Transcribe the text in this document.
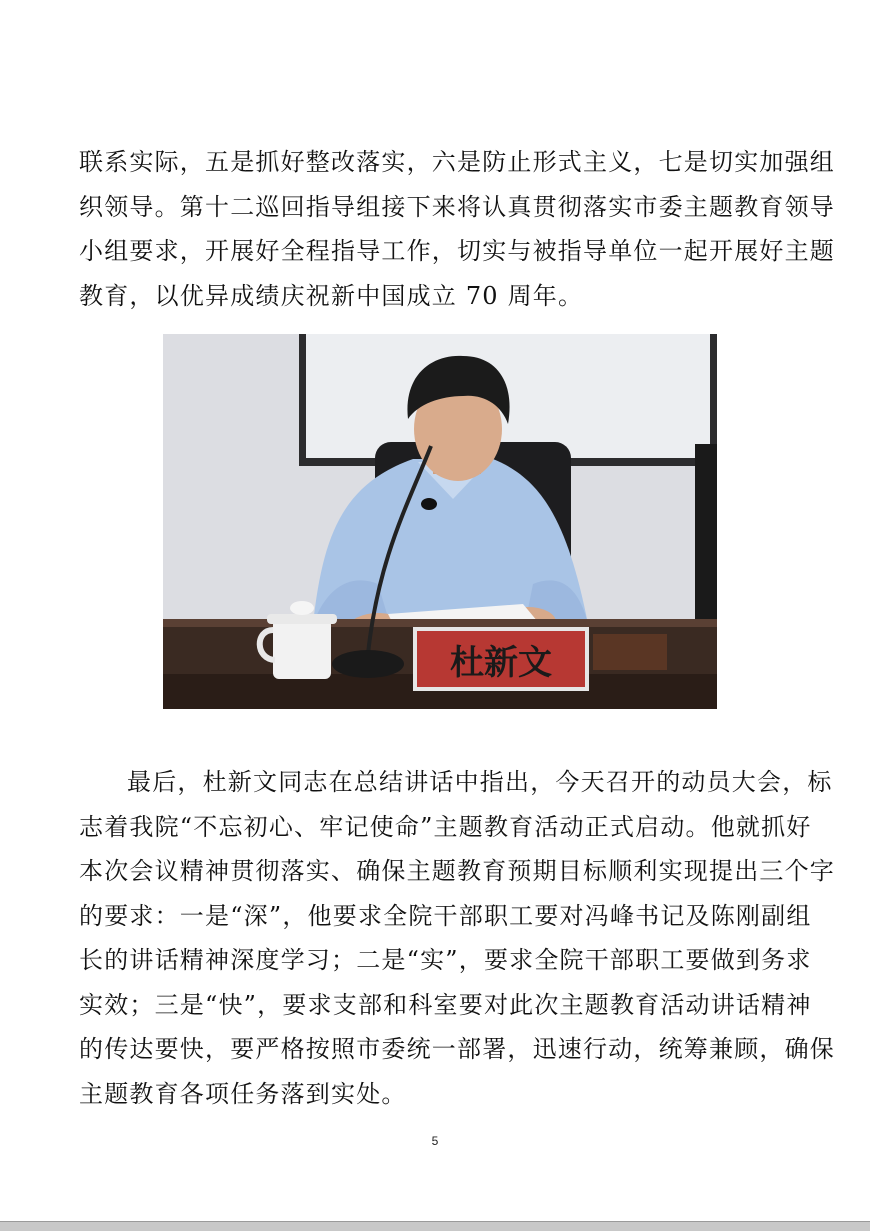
联系实际，五是抓好整改落实，六是防止形式主义，七是切实加强组
织领导。第十二巡回指导组接下来将认真贯彻落实市委主题教育领导
小组要求，开展好全程指导工作，切实与被指导单位一起开展好主题
教育，以优异成绩庆祝新中国成立 70 周年。
杜新文
最后，杜新文同志在总结讲话中指出，今天召开的动员大会，标
志着我院“不忘初心、牢记使命”主题教育活动正式启动。他就抓好
本次会议精神贯彻落实、确保主题教育预期目标顺利实现提出三个字
的要求：一是“深”，他要求全院干部职工要对冯峰书记及陈刚副组
长的讲话精神深度学习；二是“实”，要求全院干部职工要做到务求
实效；三是“快”，要求支部和科室要对此次主题教育活动讲话精神
的传达要快，要严格按照市委统一部署，迅速行动，统筹兼顾，确保
主题教育各项任务落到实处。
5
